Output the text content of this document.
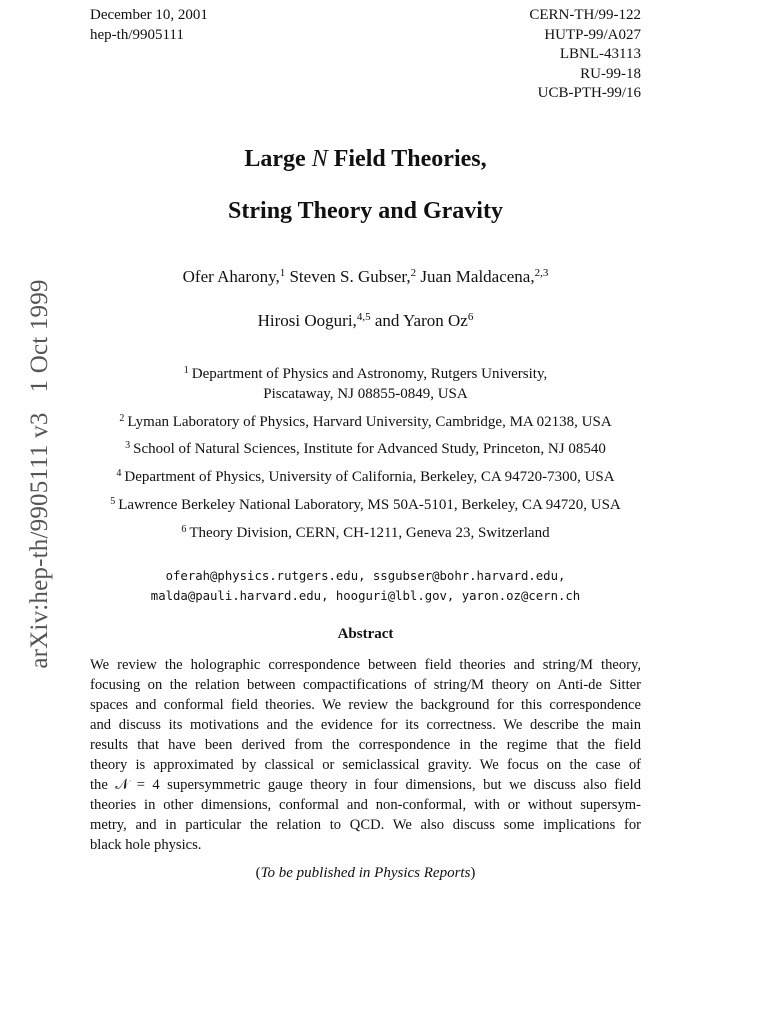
December 10, 2001
hep-th/9905111
CERN-TH/99-122
HUTP-99/A027
LBNL-43113
RU-99-18
UCB-PTH-99/16
arXiv:hep-th/9905111 v31 Oct 1999
Large N Field Theories,
String Theory and Gravity
Ofer Aharony,$^1$ Steven S. Gubser,$^2$ Juan Maldacena,$^{2,3}$
Hirosi Ooguri,$^{4,5}$ and Yaron Oz$^6$
$^1$ Department of Physics and Astronomy, Rutgers University,
Piscataway, NJ 08855-0849, USA
$^2$ Lyman Laboratory of Physics, Harvard University, Cambridge, MA 02138, USA
$^3$ School of Natural Sciences, Institute for Advanced Study, Princeton, NJ 08540
$^4$ Department of Physics, University of California, Berkeley, CA 94720-7300, USA
$^5$ Lawrence Berkeley National Laboratory, MS 50A-5101, Berkeley, CA 94720, USA
$^6$ Theory Division, CERN, CH-1211, Geneva 23, Switzerland
oferah@physics.rutgers.edu, ssgubser@bohr.harvard.edu,
malda@pauli.harvard.edu, hooguri@lbl.gov, yaron.oz@cern.ch
Abstract
We review the holographic correspondence between field theories and string/M theory,
focusing on the relation between compactifications of string/M theory on Anti-de Sitter
spaces and conformal field theories. We review the background for this correspondence
and discuss its motivations and the evidence for its correctness. We describe the main
results that have been derived from the correspondence in the regime that the field
theory is approximated by classical or semiclassical gravity. We focus on the case of
the 𝒩 = 4 supersymmetric gauge theory in four dimensions, but we discuss also field
theories in other dimensions, conformal and non-conformal, with or without supersym-
metry, and in particular the relation to QCD. We also discuss some implications for
black hole physics.
(To be published in Physics Reports)
